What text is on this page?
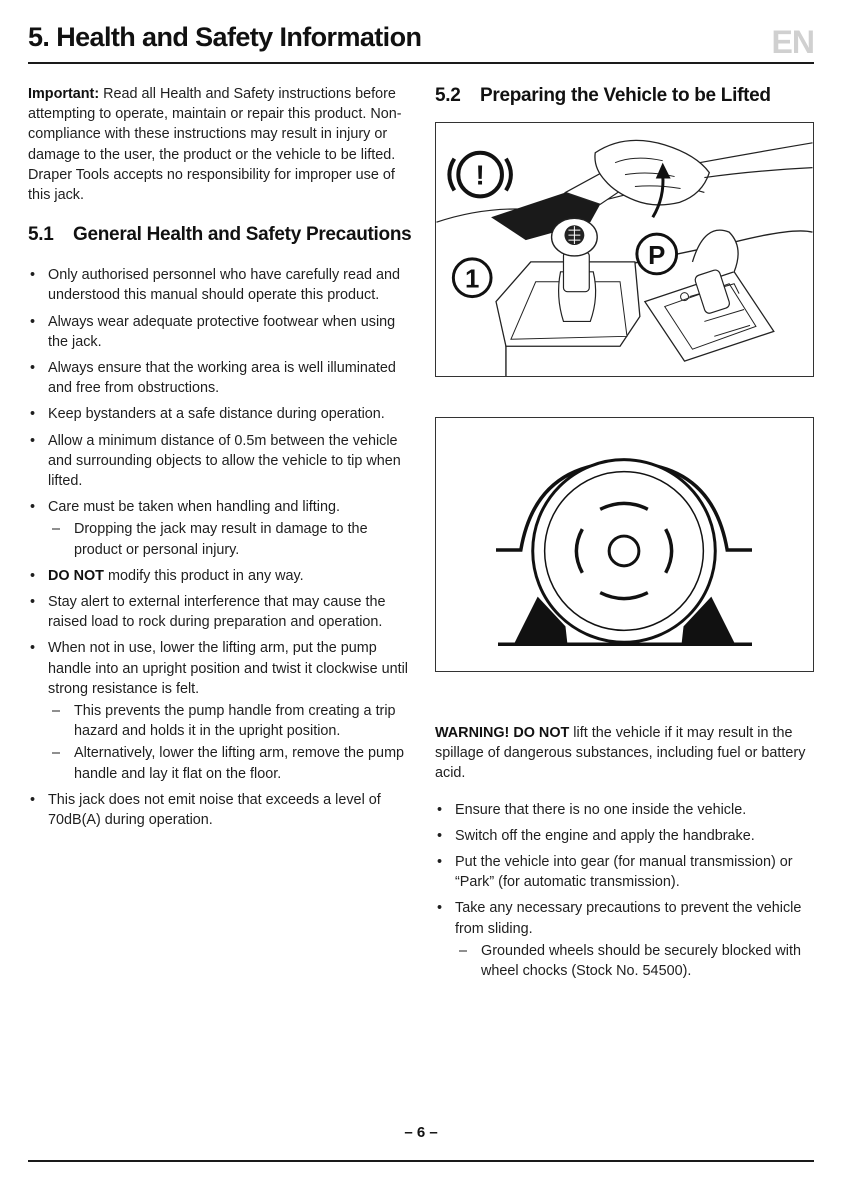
5. Health and Safety Information	EN

Important: Read all Health and Safety instructions before attempting to operate, maintain or repair this product. Non-compliance with these instructions may result in injury or damage to the user, the product or the vehicle to be lifted. Draper Tools accepts no responsibility for improper use of this jack.

5.1 General Health and Safety Precautions
• Only authorised personnel who have carefully read and understood this manual should operate this product.
• Always wear adequate protective footwear when using the jack.
• Always ensure that the working area is well illuminated and free from obstructions.
• Keep bystanders at a safe distance during operation.
• Allow a minimum distance of 0.5m between the vehicle and surrounding objects to allow the vehicle to tip when lifted.
• Care must be taken when handling and lifting.
– Dropping the jack may result in damage to the product or personal injury.
• DO NOT modify this product in any way.
• Stay alert to external interference that may cause the raised load to rock during preparation and operation.
• When not in use, lower the lifting arm, put the pump handle into an upright position and twist it clockwise until strong resistance is felt.
– This prevents the pump handle from creating a trip hazard and holds it in the upright position.
– Alternatively, lower the lifting arm, remove the pump handle and lay it flat on the floor.
• This jack does not emit noise that exceeds a level of 70dB(A) during operation.
5.2 Preparing the Vehicle to be Lifted
!
1
P

WARNING! DO NOT lift the vehicle if it may result in the spillage of dangerous substances, including fuel or battery acid.

• Ensure that there is no one inside the vehicle.
• Switch off the engine and apply the handbrake.
• Put the vehicle into gear (for manual transmission) or “Park” (for automatic transmission).
• Take any necessary precautions to prevent the vehicle from sliding.
– Grounded wheels should be securely blocked with wheel chocks (Stock No. 54500).
– 6 –
